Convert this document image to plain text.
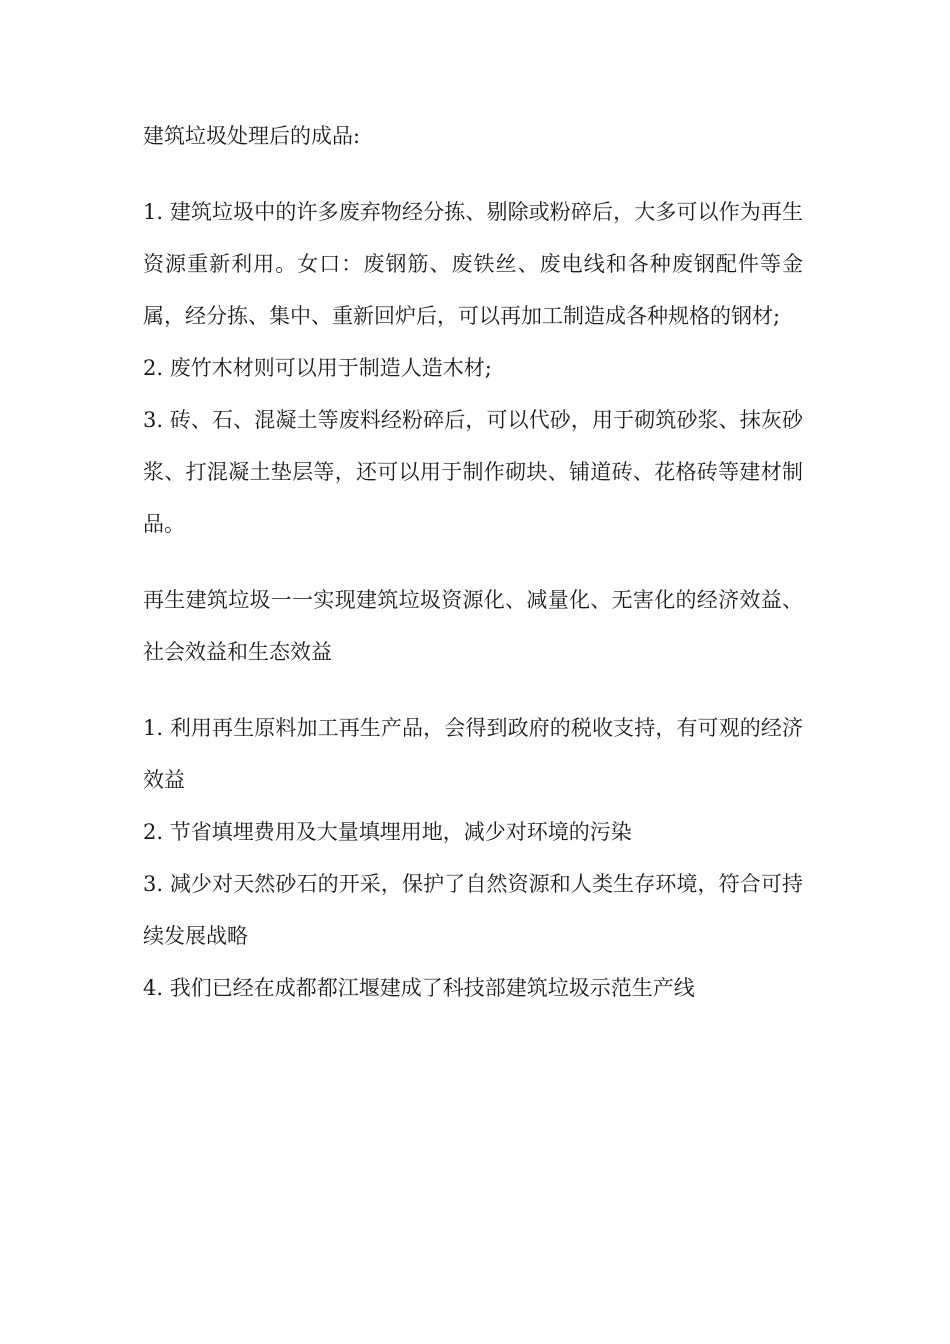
建筑垃圾处理后的成品:

1. 建筑垃圾中的许多废弃物经分拣、剔除或粉碎后，大多可以作为再生资源重新利用。女口：废钢筋、废铁丝、废电线和各种废钢配件等金属，经分拣、集中、重新回炉后，可以再加工制造成各种规格的钢材;

2. 废竹木材则可以用于制造人造木材;

3. 砖、石、混凝土等废料经粉碎后，可以代砂，用于砌筑砂浆、抹灰砂浆、打混凝土垫层等，还可以用于制作砌块、铺道砖、花格砖等建材制品。

再生建筑垃圾一一实现建筑垃圾资源化、减量化、无害化的经济效益、社会效益和生态效益

1. 利用再生原料加工再生产品，会得到政府的税收支持，有可观的经济效益

2. 节省填埋费用及大量填埋用地，减少对环境的污染

3. 减少对天然砂石的开采，保护了自然资源和人类生存环境，符合可持续发展战略

4. 我们已经在成都都江堰建成了科技部建筑垃圾示范生产线
